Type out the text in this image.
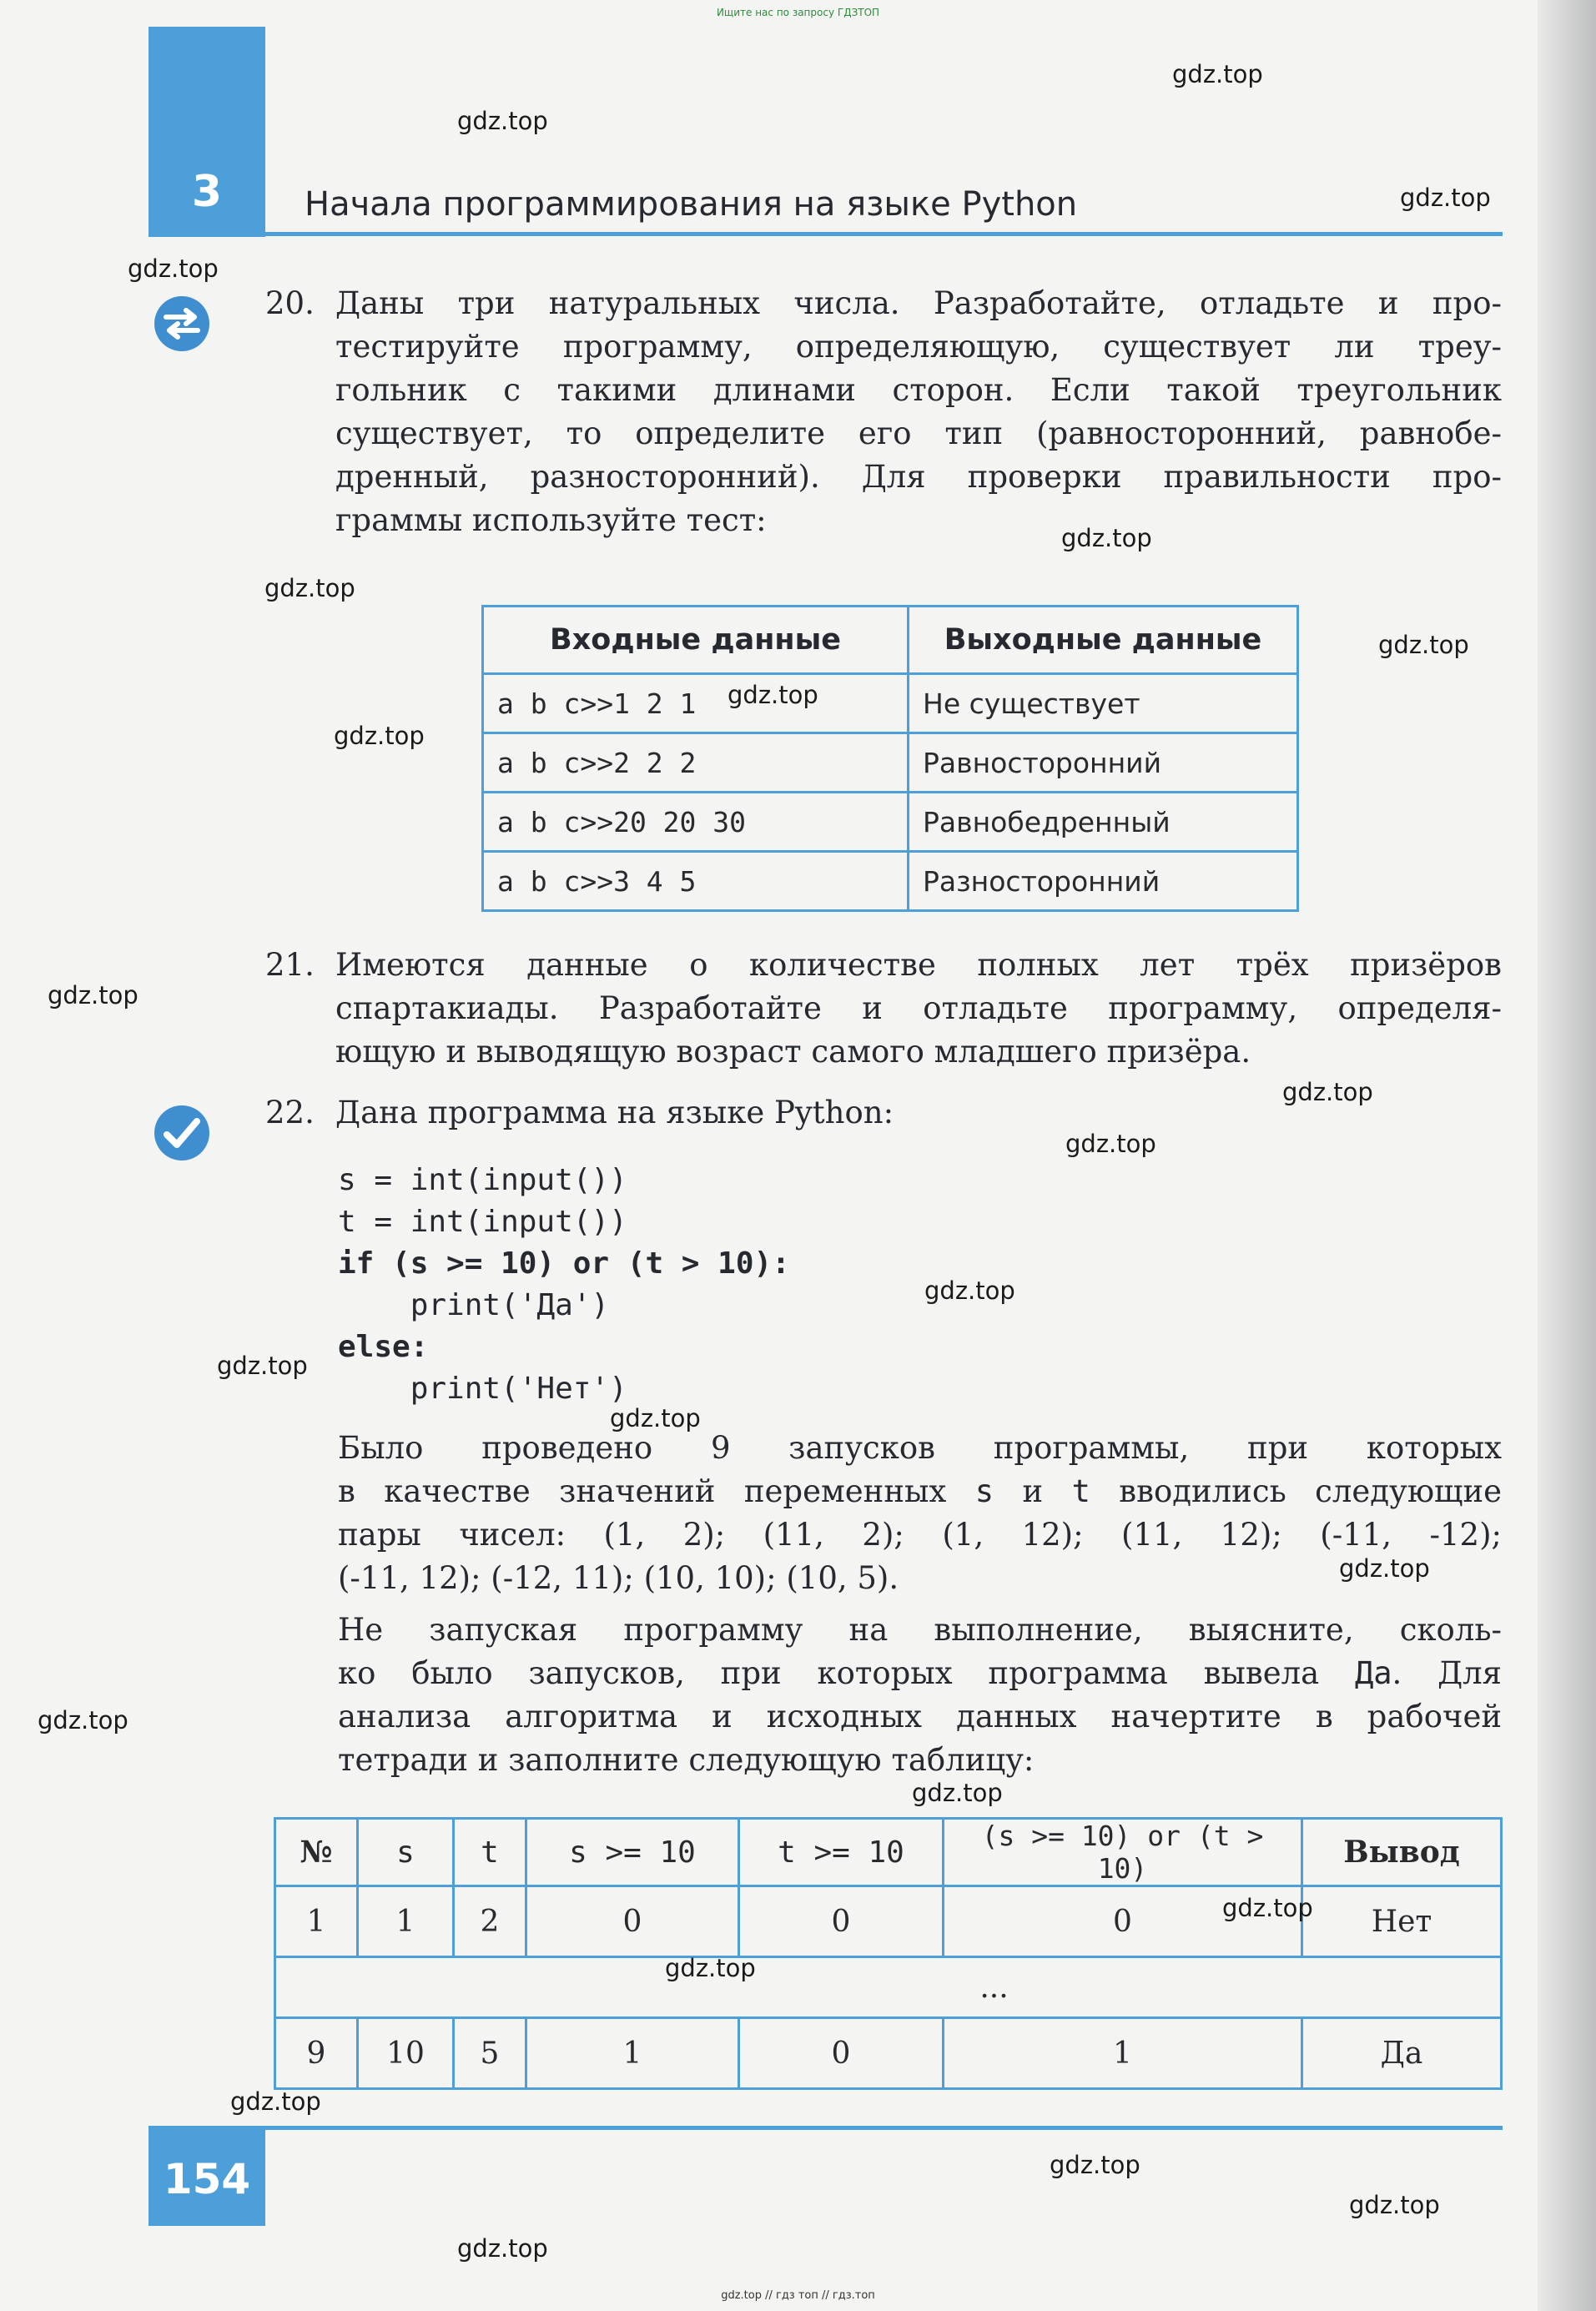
Ищите нас по запросу ГДЗТОП
3	Начала программирования на языке Python
20. Даны три натуральных числа. Разработайте, отладьте и про-
тестируйте программу, определяющую, существует ли треу-
гольник с такими длинами сторон. Если такой треугольник
существует, то определите его тип (равносторонний, равнобе-
дренный, разносторонний). Для проверки правильности про-
граммы используйте тест:
Входные данные	Выходные данные
a b c>>1 2 1	Не существует
a b c>>2 2 2	Равносторонний
a b c>>20 20 30	Равнобедренный
a b c>>3 4 5	Разносторонний
21. Имеются данные о количестве полных лет трёх призёров
спартакиады. Разработайте и отладьте программу, определя-
ющую и выводящую возраст самого младшего призёра.
22. Дана программа на языке Python:
s = int(input())
t = int(input())
if (s >= 10) or (t > 10):
print('Да')
else:
print('Нет')
Было проведено 9 запусков программы, при которых
в качестве значений переменных s и t вводились следующие
пары чисел: (1, 2); (11, 2); (1, 12); (11, 12); (-11, -12);
(-11, 12); (-12, 11); (10, 10); (10, 5).
Не запуская программу на выполнение, выясните, сколь-
ко было запусков, при которых программа вывела Да. Для
анализа алгоритма и исходных данных начертите в рабочей
тетради и заполните следующую таблицу:
№	s	t	s >= 10	t >= 10	(s >= 10) or (t > 10)	Вывод
1	1	2	0	0	0	Нет
...						
9	10	5	1	0	1	Да
154
gdz.top
gdz.top
gdz.top
gdz.top
gdz.top
gdz.top
gdz.top
gdz.top
gdz.top
gdz.top
gdz.top
gdz.top
gdz.top
gdz.top
gdz.top
gdz.top
gdz.top
gdz.top
gdz.top
gdz.top
gdz.top
gdz.top
gdz.top
gdz.top
gdz.top // гдз топ // гдз.топ
